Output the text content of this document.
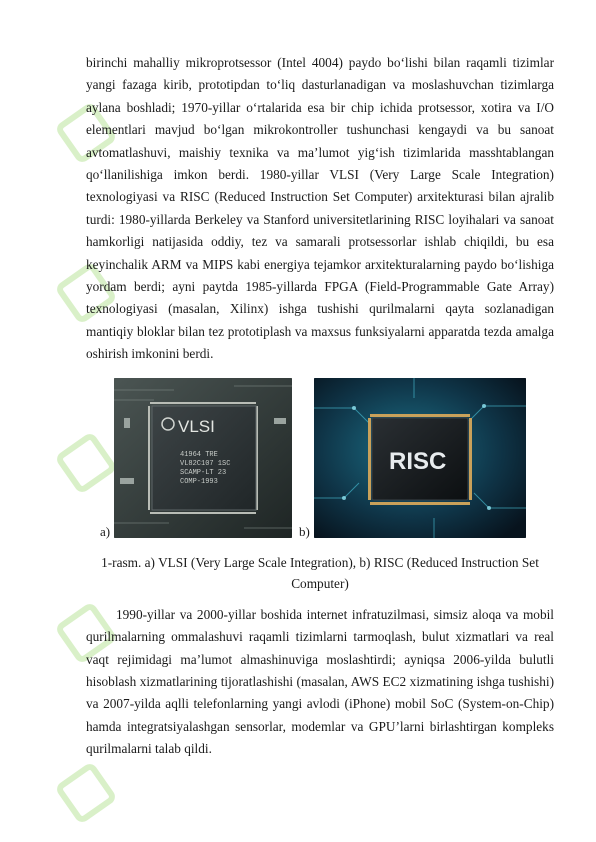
birinchi mahalliy mikroprotsessor (Intel 4004) paydo bo‘lishi bilan raqamli tizimlar yangi fazaga kirib, prototipdan to‘liq dasturlanadigan va moslashuvchan tizimlarga aylana boshladi; 1970-yillar o‘rtalarida esa bir chip ichida protsessor, xotira va I/O elementlari mavjud bo‘lgan mikrokontroller tushunchasi kengaydi va bu sanoat avtomatlashuvi, maishiy texnika va ma’lumot yig‘ish tizimlarida masshtablangan qo‘llanilishiga imkon berdi. 1980-yillar VLSI (Very Large Scale Integration) texnologiyasi va RISC (Reduced Instruction Set Computer) arxitekturasi bilan ajralib turdi: 1980-yillarda Berkeley va Stanford universitetlarining RISC loyihalari va sanoat hamkorligi natijasida oddiy, tez va samarali protsessorlar ishlab chiqildi, bu esa keyinchalik ARM va MIPS kabi energiya tejamkor arxitekturalarning paydo bo‘lishiga yordam berdi; ayni paytda 1985-yillarda FPGA (Field-Programmable Gate Array) texnologiyasi (masalan, Xilinx) ishga tushishi qurilmalarni qayta sozlanadigan mantiqiy bloklar bilan tez prototiplash va maxsus funksiyalarni apparatda tezda amalga oshirish imkonini berdi.

a)
VLSI
41964 TRE
VL82C107 1SC
SCAMP-LT 23
COMP-1993
b)
RISC
1-rasm. a) VLSI (Very Large Scale Integration), b) RISC (Reduced Instruction Set Computer)

1990-yillar va 2000-yillar boshida internet infratuzilmasi, simsiz aloqa va mobil qurilmalarning ommalashuvi raqamli tizimlarni tarmoqlash, bulut xizmatlari va real vaqt rejimidagi ma’lumot almashinuviga moslashtirdi; ayniqsa 2006-yilda bulutli hisoblash xizmatlarining tijoratlashishi (masalan, AWS EC2 xizmatining ishga tushishi) va 2007-yilda aqlli telefonlarning yangi avlodi (iPhone) mobil SoC (System-on-Chip) hamda integratsiyalashgan sensorlar, modemlar va GPU’larni birlashtirgan kompleks qurilmalarni talab qildi.
